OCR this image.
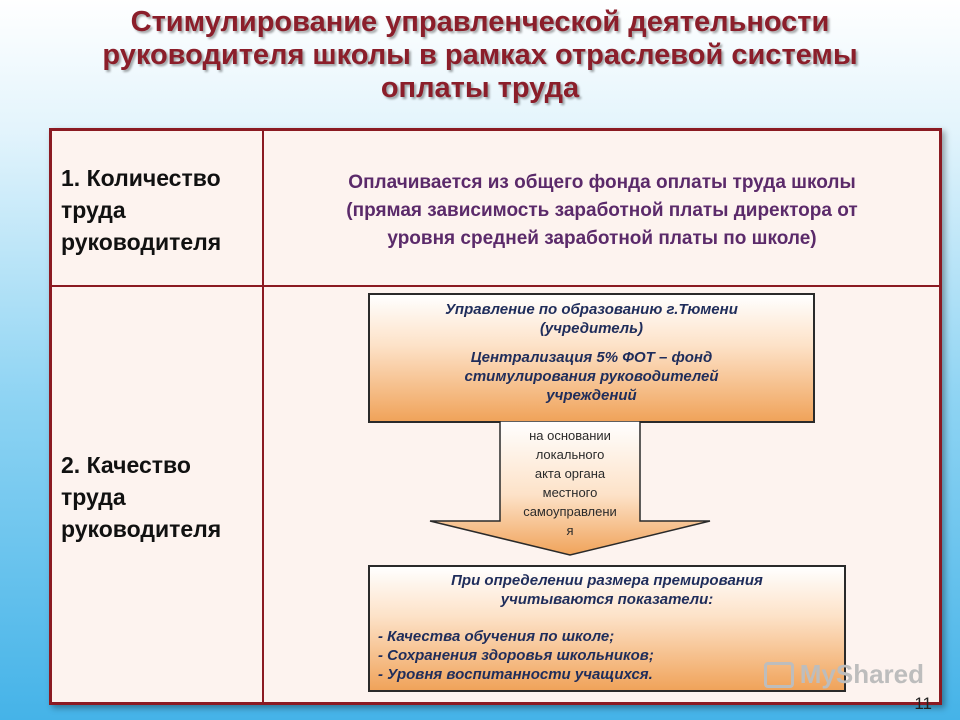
Стимулирование управленческой деятельности
руководителя школы в рамках отраслевой системы
оплаты труда
1. Количество
труда
руководителя
Оплачивается из общего фонда оплаты труда школы
(прямая зависимость заработной платы директора от
уровня средней заработной платы по школе)
2. Качество
труда
руководителя
Управление по образованию г.Тюмени
(учредитель)
Централизация 5% ФОТ – фонд
стимулирования руководителей
учреждений
на основании
локального
акта органа
местного
самоуправлени
я
При определении размера премирования
учитываются показатели:
- Качества обучения по школе;
- Сохранения здоровья школьников;
- Уровня воспитанности учащихся.	MyShared
11
